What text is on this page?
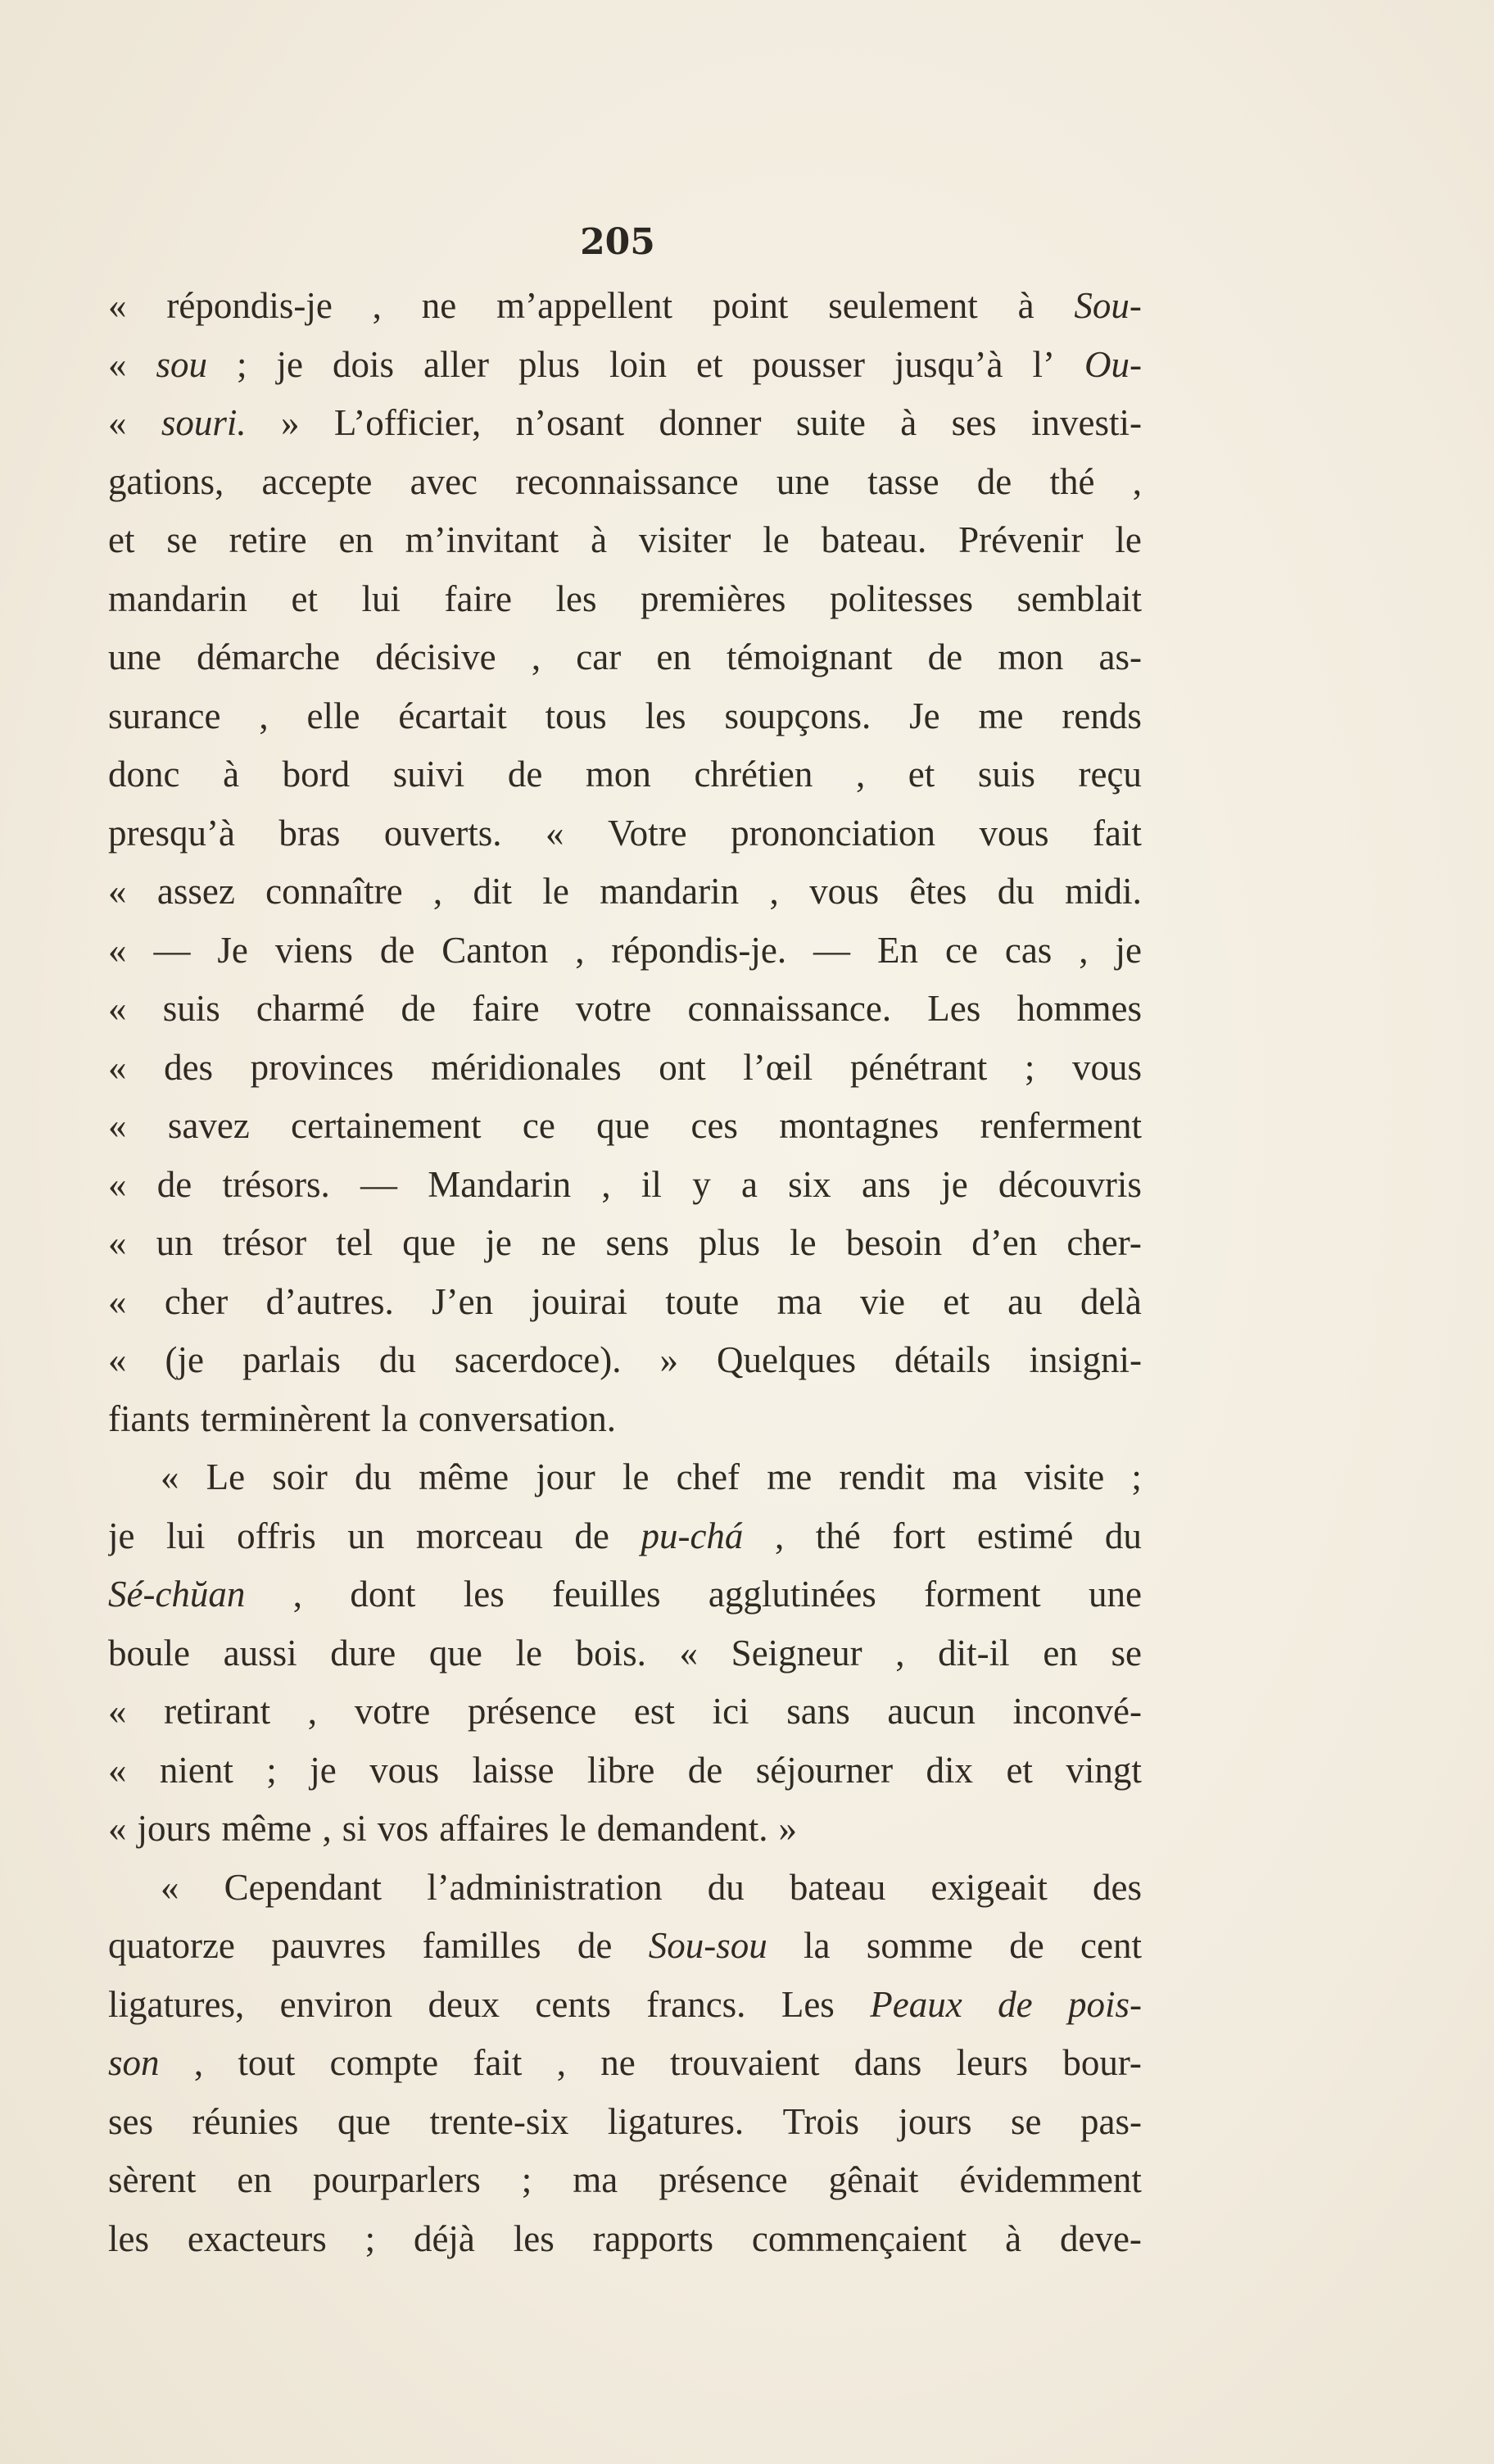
205
« répondis-je , ne m’appellent point seulement à Sou-
« sou ; je dois aller plus loin et pousser jusqu’à l’ Ou-
« souri. » L’officier, n’osant donner suite à ses investi-
gations, accepte avec reconnaissance une tasse de thé ,
et se retire en m’invitant à visiter le bateau. Prévenir le
mandarin et lui faire les premières politesses semblait
une démarche décisive , car en témoignant de mon as-
surance , elle écartait tous les soupçons. Je me rends
donc à bord suivi de mon chrétien , et suis reçu
presqu’à bras ouverts. « Votre prononciation vous fait
« assez connaître , dit le mandarin , vous êtes du midi.
« — Je viens de Canton , répondis-je. — En ce cas , je
« suis charmé de faire votre connaissance. Les hommes
« des provinces méridionales ont l’œil pénétrant ; vous
« savez certainement ce que ces montagnes renferment
« de trésors. — Mandarin , il y a six ans je découvris
« un trésor tel que je ne sens plus le besoin d’en cher-
« cher d’autres. J’en jouirai toute ma vie et au delà
« (je parlais du sacerdoce). » Quelques détails insigni-
fiants terminèrent la conversation.
« Le soir du même jour le chef me rendit ma visite ;
je lui offris un morceau de pu-chá , thé fort estimé du
Sé-chŭan , dont les feuilles agglutinées forment une
boule aussi dure que le bois. « Seigneur , dit-il en se
« retirant , votre présence est ici sans aucun inconvé-
« nient ; je vous laisse libre de séjourner dix et vingt
« jours même , si vos affaires le demandent. »
« Cependant l’administration du bateau exigeait des
quatorze pauvres familles de Sou-sou la somme de cent
ligatures, environ deux cents francs. Les Peaux de pois-
son , tout compte fait , ne trouvaient dans leurs bour-
ses réunies que trente-six ligatures. Trois jours se pas-
sèrent en pourparlers ; ma présence gênait évidemment
les exacteurs ; déjà les rapports commençaient à deve-
